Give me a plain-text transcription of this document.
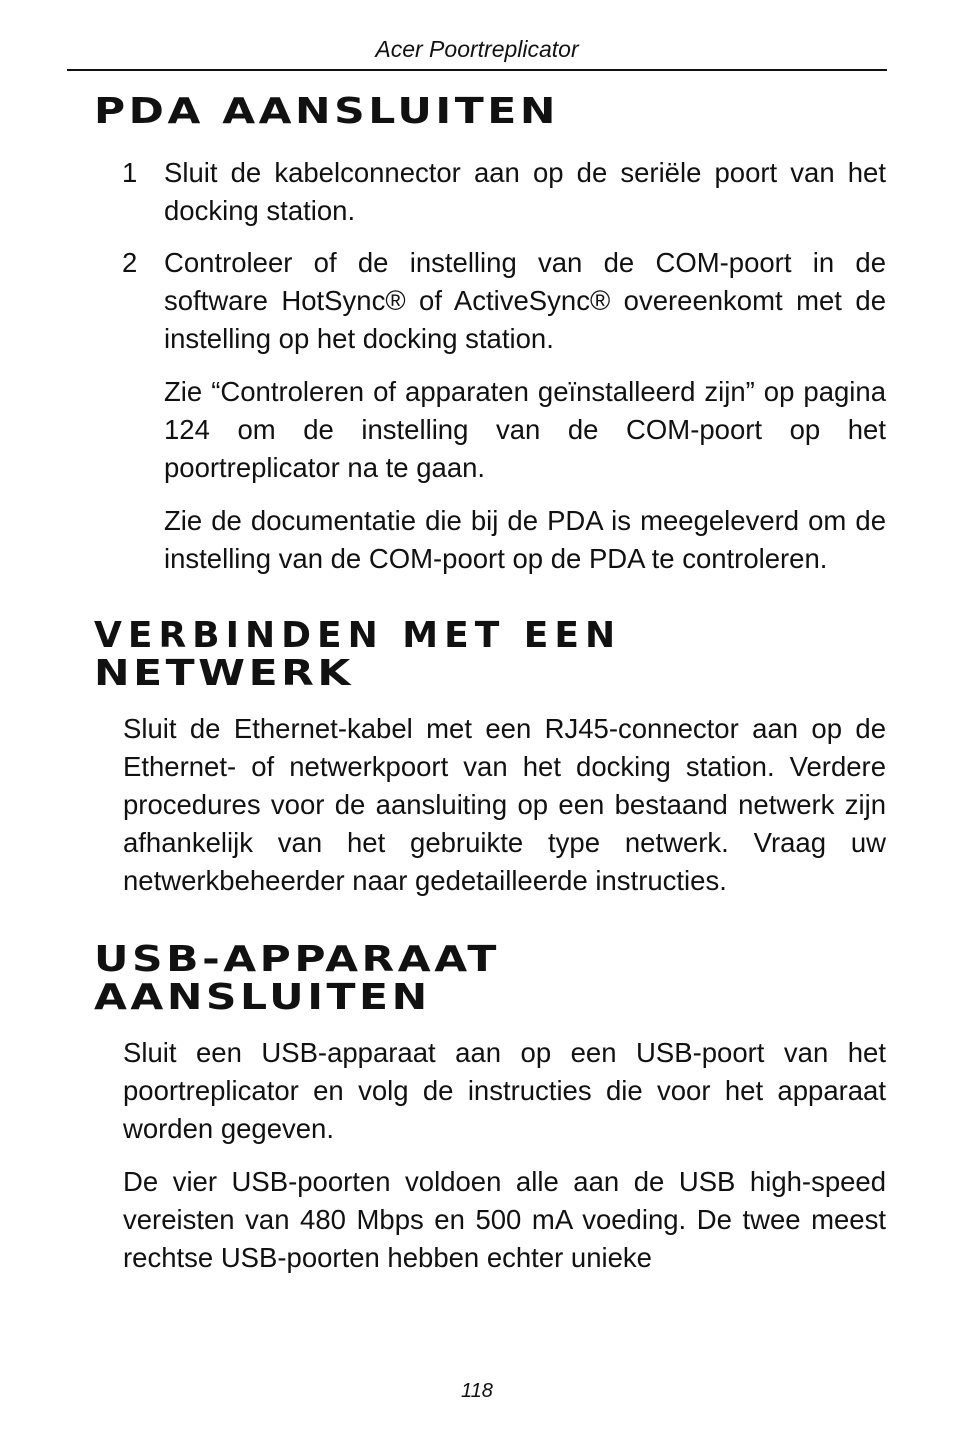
Acer Poortreplicator
PDA AANSLUITEN
1 Sluit de kabelconnector aan op de seriële poort van het docking station.

2 Controleer of de instelling van de COM-poort in de software HotSync® of ActiveSync® overeenkomt met de instelling op het docking station.

Zie “Controleren of apparaten geïnstalleerd zijn” op pagina 124 om de instelling van de COM-poort op het poortreplicator na te gaan.

Zie de documentatie die bij de PDA is meegeleverd om de instelling van de COM-poort op de PDA te controleren.

VERBINDEN MET EEN
NETWERK

Sluit de Ethernet-kabel met een RJ45-connector aan op de Ethernet- of netwerkpoort van het docking station. Verdere procedures voor de aansluiting op een bestaand netwerk zijn afhankelijk van het gebruikte type netwerk. Vraag uw netwerkbeheerder naar gedetailleerde instructies.

USB-APPARAAT
AANSLUITEN

Sluit een USB-apparaat aan op een USB-poort van het poortreplicator en volg de instructies die voor het apparaat worden gegeven.

De vier USB-poorten voldoen alle aan de USB high-speed vereisten van 480 Mbps en 500 mA voeding. De twee meest rechtse USB-poorten hebben echter unieke

118
